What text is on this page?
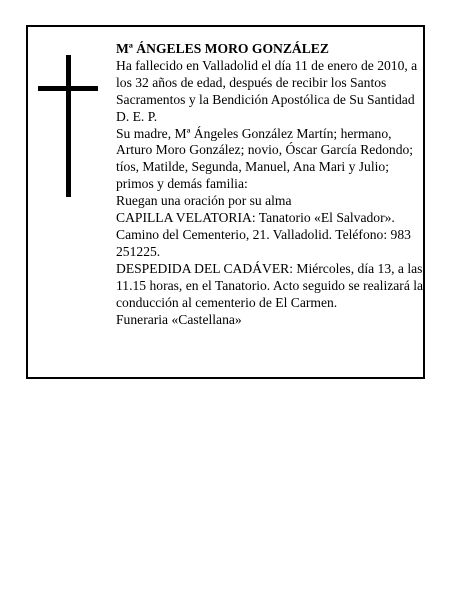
Mª ÁNGELES MORO GONZÁLEZ

Ha fallecido en Valladolid el día 11 de enero de 2010, a los 32 años de edad, después de recibir los Santos Sacramentos y la Bendición Apostólica de Su Santidad

D. E. P.

Su madre, Mª Ángeles González Martín; hermano, Arturo Moro González; novio, Óscar García Redondo; tíos, Matilde, Segunda, Manuel, Ana Mari y Julio; primos y demás familia:

Ruegan una oración por su alma

CAPILLA VELATORIA: Tanatorio «El Salvador». Camino del Cementerio, 21. Valladolid. Teléfono: 983 251225.

DESPEDIDA DEL CADÁVER: Miércoles, día 13, a las 11.15 horas, en el Tanatorio. Acto seguido se realizará la conducción al cementerio de El Carmen.

Funeraria «Castellana»
